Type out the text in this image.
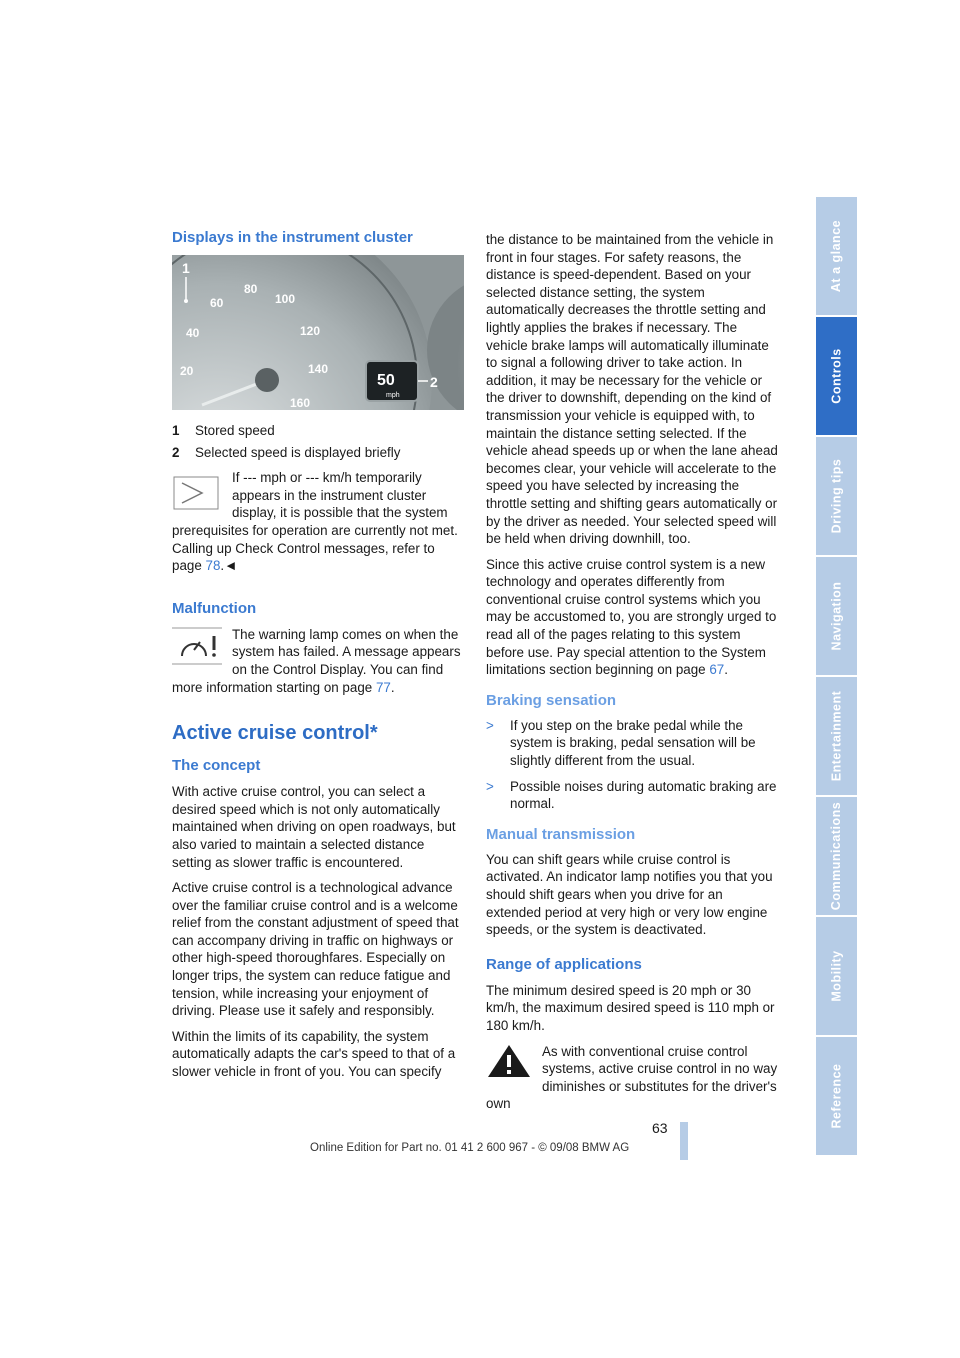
Displays in the instrument cluster
20
40
60
80
100
120
140
160
1
50
mph
2
1	Stored speed
2	Selected speed is displayed briefly

If --- mph or --- km/h temporarily appears in the instrument cluster display, it is possible that the system prerequisites for operation are currently not met.
Calling up Check Control messages, refer to page 78.◄

Malfunction

The warning lamp comes on when the system has failed. A message appears on the Control Display. You can find more information starting on page 77.

Active cruise control*
The concept

With active cruise control, you can select a desired speed which is not only automatically maintained when driving on open roadways, but also varied to maintain a selected distance setting as slower traffic is encountered.

Active cruise control is a technological advance over the familiar cruise control and is a welcome relief from the constant adjustment of speed that can accompany driving in traffic on highways or other high-speed thoroughfares. Especially on longer trips, the system can reduce fatigue and tension, while increasing your enjoyment of driving. Please use it safely and responsibly.

Within the limits of its capability, the system automatically adapts the car's speed to that of a slower vehicle in front of you. You can specify

the distance to be maintained from the vehicle in front in four stages. For safety reasons, the distance is speed-dependent. Based on your selected distance setting, the system automatically decreases the throttle setting and lightly applies the brakes if necessary. The vehicle brake lamps will automatically illuminate to signal a following driver to take action. In addition, it may be necessary for the vehicle or the driver to downshift, depending on the kind of transmission your vehicle is equipped with, to maintain the distance setting selected. If the vehicle ahead speeds up or when the lane ahead becomes clear, your vehicle will accelerate to the speed you have selected by increasing the throttle setting and shifting gears automatically or by the driver as needed. Your selected speed will be held when driving downhill, too.

Since this active cruise control system is a new technology and operates differently from conventional cruise control systems which you may be accustomed to, you are strongly urged to read all of the pages relating to this system before use. Pay special attention to the System limitations section beginning on page 67.

Braking sensation
>	If you step on the brake pedal while the system is braking, pedal sensation will be slightly different from the usual.
>	Possible noises during automatic braking are normal.
Manual transmission

You can shift gears while cruise control is activated. An indicator lamp notifies you that you should shift gears when you drive for an extended period at very high or very low engine speeds, or the system is deactivated.

Range of applications

The minimum desired speed is 20 mph or 30 km/h, the maximum desired speed is 110 mph or 180 km/h.

As with conventional cruise control systems, active cruise control in no way diminishes or substitutes for the driver's own

At a glance
Controls
Driving tips
Navigation
Entertainment
Communications
Mobility
Reference
63
Online Edition for Part no. 01 41 2 600 967 - © 09/08 BMW AG
